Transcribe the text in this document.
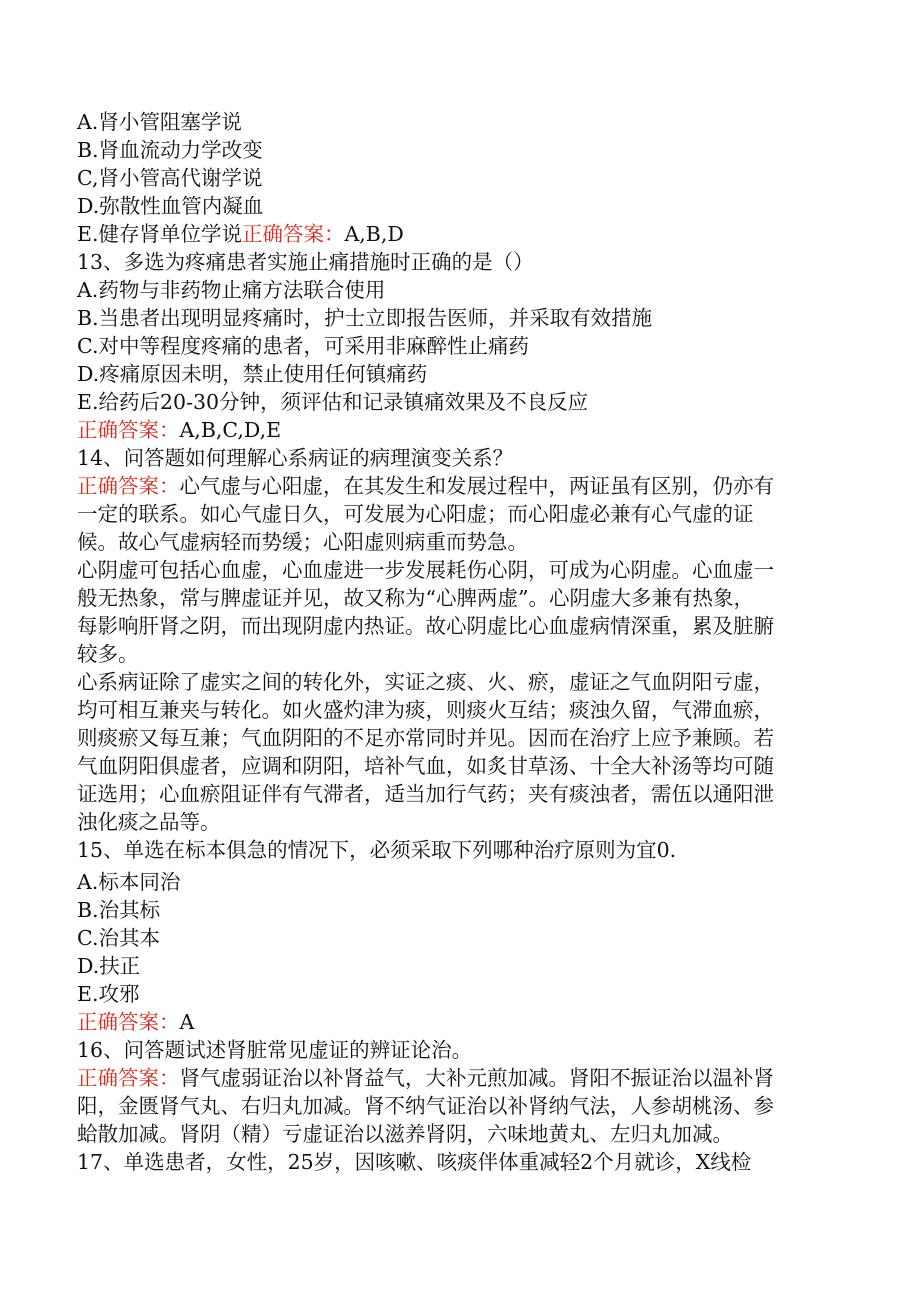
A.肾小管阻塞学说
B.肾血流动力学改变
C,肾小管高代谢学说
D.弥散性血管内凝血
E.健存肾单位学说正确答案：A,B,D
13、多选为疼痛患者实施止痛措施时正确的是（）
A.药物与非药物止痛方法联合使用
B.当患者出现明显疼痛时，护士立即报告医师，并采取有效措施
C.对中等程度疼痛的患者，可采用非麻醉性止痛药
D.疼痛原因未明，禁止使用任何镇痛药
E.给药后20-30分钟，须评估和记录镇痛效果及不良反应
正确答案：A,B,C,D,E
14、问答题如何理解心系病证的病理演变关系？
正确答案：心气虚与心阳虚，在其发生和发展过程中，两证虽有区别，仍亦有
一定的联系。如心气虚日久，可发展为心阳虚；而心阳虚必兼有心气虚的证
候。故心气虚病轻而势缓；心阳虚则病重而势急。
心阴虚可包括心血虚，心血虚进一步发展耗伤心阴，可成为心阴虚。心血虚一
般无热象，常与脾虚证并见，故又称为“心脾两虚”。心阴虚大多兼有热象，
每影响肝肾之阴，而出现阴虚内热证。故心阴虚比心血虚病情深重，累及脏腑
较多。
心系病证除了虚实之间的转化外，实证之痰、火、瘀，虚证之气血阴阳亏虚，
均可相互兼夹与转化。如火盛灼津为痰，则痰火互结；痰浊久留，气滞血瘀，
则痰瘀又每互兼；气血阴阳的不足亦常同时并见。因而在治疗上应予兼顾。若
气血阴阳俱虚者，应调和阴阳，培补气血，如炙甘草汤、十全大补汤等均可随
证选用；心血瘀阻证伴有气滞者，适当加行气药；夹有痰浊者，需伍以通阳泄
浊化痰之品等。
15、单选在标本俱急的情况下，必须采取下列哪种治疗原则为宜0.
A.标本同治
B.治其标
C.治其本
D.扶正
E.攻邪
正确答案：A
16、问答题试述肾脏常见虚证的辨证论治。
正确答案：肾气虚弱证治以补肾益气，大补元煎加减。肾阳不振证治以温补肾
阳，金匮肾气丸、右归丸加减。肾不纳气证治以补肾纳气法，人参胡桃汤、参
蛤散加减。肾阴（精）亏虚证治以滋养肾阴，六味地黄丸、左归丸加减。
17、单选患者，女性，25岁，因咳嗽、咳痰伴体重减轻2个月就诊，X线检
